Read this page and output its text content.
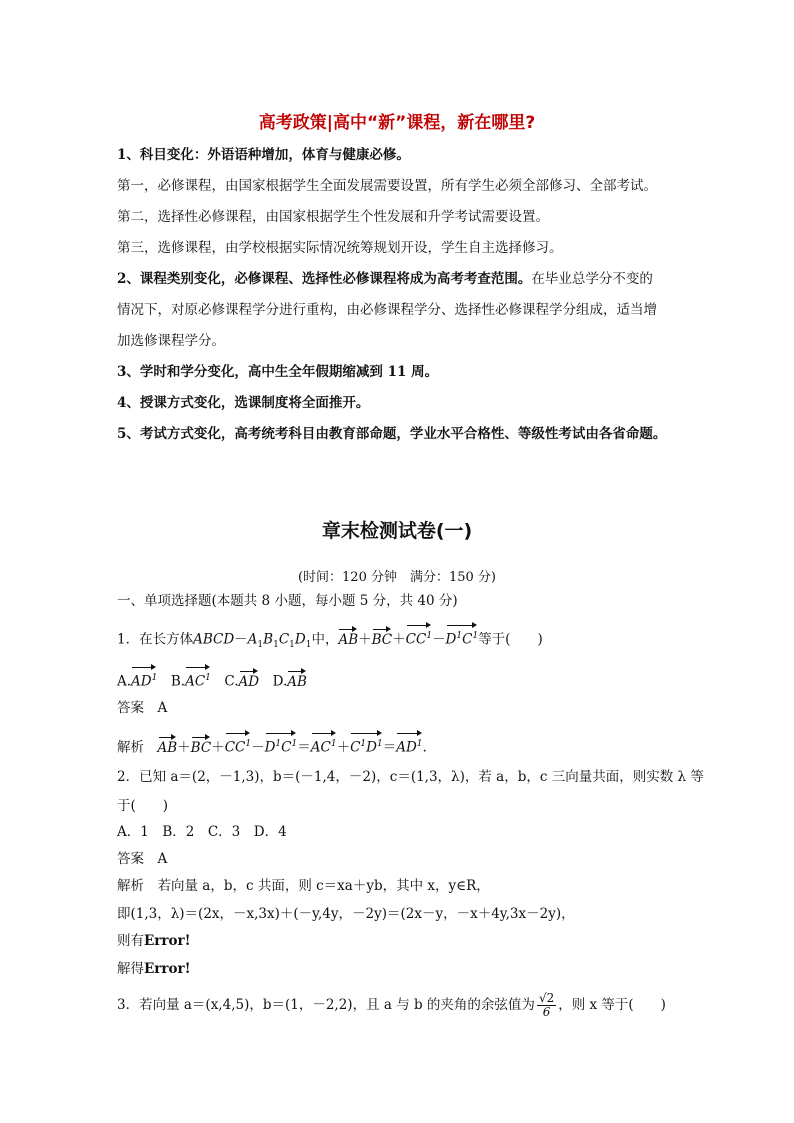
高考政策|高中“新”课程，新在哪里?
1、科目变化：外语语种增加，体育与健康必修。
第一，必修课程，由国家根据学生全面发展需要设置，所有学生必须全部修习、全部考试。
第二，选择性必修课程，由国家根据学生个性发展和升学考试需要设置。
第三，选修课程，由学校根据实际情况统筹规划开设，学生自主选择修习。
2、课程类别变化，必修课程、选择性必修课程将成为高考考查范围。在毕业总学分不变的
情况下，对原必修课程学分进行重构，由必修课程学分、选择性必修课程学分组成，适当增
加选修课程学分。
3、学时和学分变化，高中生全年假期缩减到 11 周。
4、授课方式变化，选课制度将全面推开。
5、考试方式变化，高考统考科目由教育部命题，学业水平合格性、等级性考试由各省命题。
章末检测试卷(一)
(时间：120 分钟　满分：150 分)
一、单项选择题(本题共 8 小题，每小题 5 分，共 40 分)
1．在长方体$ABCD-A_1B_1C_1D_1$中，$AB+BC+CC^1-D^1C^1$等于(　　)
$A.AD^1$　 $B.AC^1$　 C.AD　 D.AB
答案　 A
解析　 $AB+BC+CC^1-D^1C^1=AC^1+C^1D^1=AD^1$.
2．已知 a＝(2，－1,3)，b＝(－1,4，－2)，c＝(1,3，λ)，若 a，b，c 三向量共面，则实数 λ 等
于(　　)
A．1　B．2　C．3　D．4
答案　 A
解析　若向量 a，b，c 共面，则 c＝xa＋yb，其中 x，y∈R，
即(1,3，λ)＝(2x，－x,3x)＋(－y,4y，－2y)＝(2x－y，－x＋4y,3x－2y)，
则有Error!
解得Error!
3．若向量 a＝(x,4,5)，b＝(1，－2,2)，且 a 与 b 的夹角的余弦值为 $\frac{√2}{6}$ ，则 x 等于(　　)
